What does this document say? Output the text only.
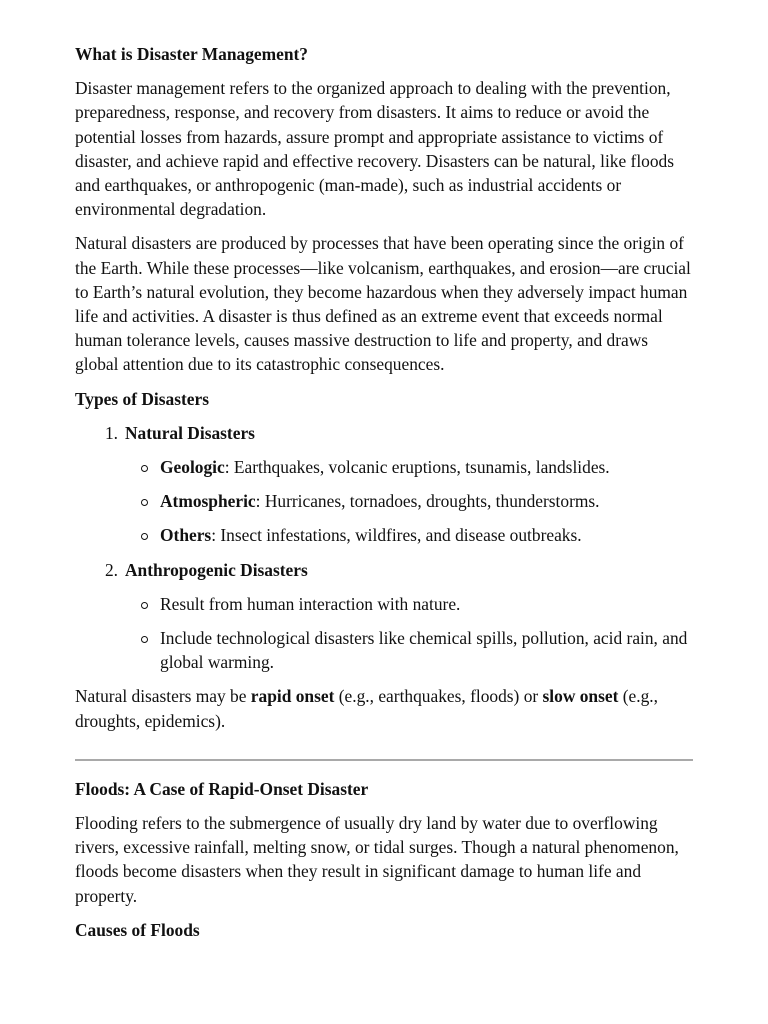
What is Disaster Management?

Disaster management refers to the organized approach to dealing with the prevention, preparedness, response, and recovery from disasters. It aims to reduce or avoid the potential losses from hazards, assure prompt and appropriate assistance to victims of disaster, and achieve rapid and effective recovery. Disasters can be natural, like floods and earthquakes, or anthropogenic (man-made), such as industrial accidents or environmental degradation.

Natural disasters are produced by processes that have been operating since the origin of the Earth. While these processes—like volcanism, earthquakes, and erosion—are crucial to Earth’s natural evolution, they become hazardous when they adversely impact human life and activities. A disaster is thus defined as an extreme event that exceeds normal human tolerance levels, causes massive destruction to life and property, and draws global attention due to its catastrophic consequences.

Types of Disasters
1. Natural Disasters
Geologic: Earthquakes, volcanic eruptions, tsunamis, landslides.
Atmospheric: Hurricanes, tornadoes, droughts, thunderstorms.
Others: Insect infestations, wildfires, and disease outbreaks.
2. Anthropogenic Disasters
Result from human interaction with nature.
Include technological disasters like chemical spills, pollution, acid rain, and global warming.

Natural disasters may be rapid onset (e.g., earthquakes, floods) or slow onset (e.g., droughts, epidemics).

Floods: A Case of Rapid-Onset Disaster

Flooding refers to the submergence of usually dry land by water due to overflowing rivers, excessive rainfall, melting snow, or tidal surges. Though a natural phenomenon, floods become disasters when they result in significant damage to human life and property.

Causes of Floods
